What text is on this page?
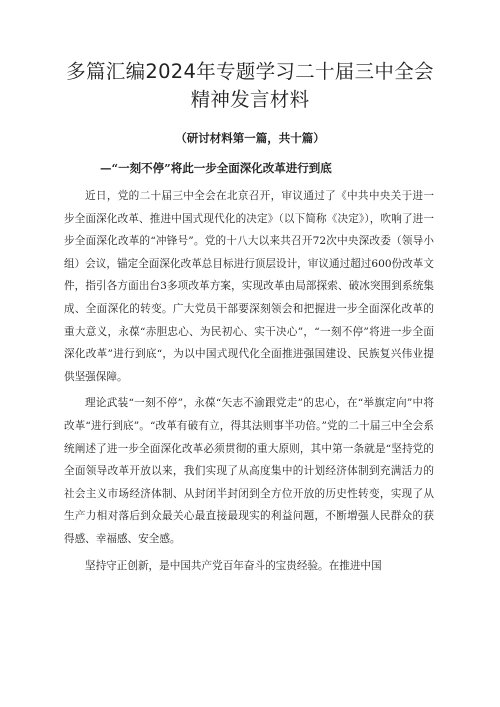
多篇汇编2024年专题学习二十届三中全会
精神发言材料
（研讨材料第一篇，共十篇）
—“一刻不停”将此一步全面深化改革进行到底

近日，党的二十届三中全会在北京召开，审议通过了《中共中央关于进一步全面深化改革、推进中国式现代化的决定》（以下简称《决定》），吹响了进一步全面深化改革的“冲锋号”。党的十八大以来共召开72次中央深改委（领导小组）会议，锚定全面深化改革总目标进行顶层设计，审议通过超过600份改革文件，指引各方面出台3多项改革方案，实现改革由局部探索、破冰突围到系统集成、全面深化的转变。广大党员干部要深刻领会和把握进一步全面深化改革的重大意义，永葆“赤胆忠心、为民初心、实干决心”，“一刻不停”将进一步全面深化改革”进行到底“，为以中国式现代化全面推进强国建设、民族复兴伟业提供坚强保障。

理论武装“一刻不停”，永葆“矢志不渝跟党走”的忠心，在“举旗定向”中将改革“进行到底”。“改革有破有立，得其法则事半功倍。”党的二十届三中全会系统阐述了进一步全面深化改革必须贯彻的重大原则，其中第一条就是“坚持党的全面领导改革开放以来，我们实现了从高度集中的计划经济体制到充满活力的社会主义市场经济体制、从封闭半封闭到全方位开放的历史性转变，实现了从生产力相对落后到众最关心最直接最现实的利益问题，不断增强人民群众的获得感、幸福感、安全感。

坚持守正创新，是中国共产党百年奋斗的宝贵经验。在推进中国
